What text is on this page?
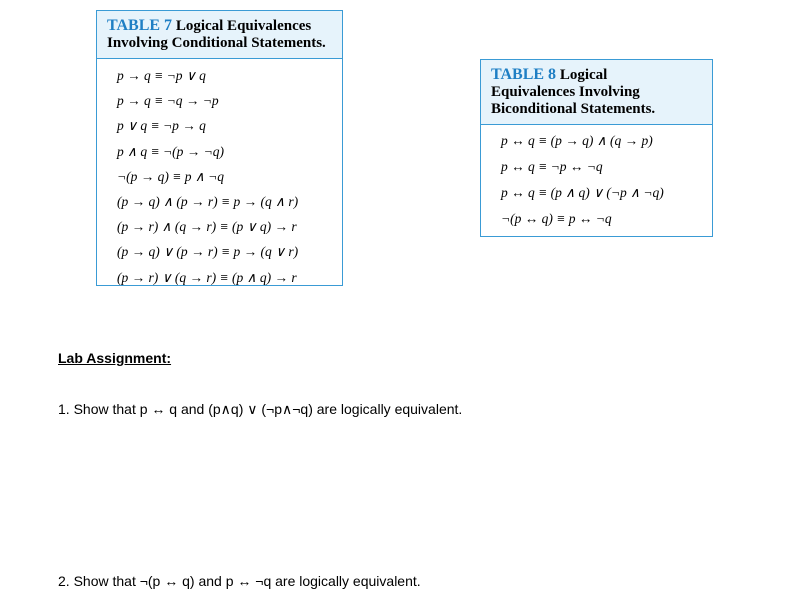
TABLE 7 Logical Equivalences
Involving Conditional Statements.
p → q ≡ ¬p ∨ q
p → q ≡ ¬q → ¬p
p ∨ q ≡ ¬p → q
p ∧ q ≡ ¬(p → ¬q)
¬(p → q) ≡ p ∧ ¬q
(p → q) ∧ (p → r) ≡ p → (q ∧ r)
(p → r) ∧ (q → r) ≡ (p ∨ q) → r
(p → q) ∨ (p → r) ≡ p → (q ∨ r)
(p → r) ∨ (q → r) ≡ (p ∧ q) → r
TABLE 8 Logical
Equivalences Involving
Biconditional Statements.
p ↔ q ≡ (p → q) ∧ (q → p)
p ↔ q ≡ ¬p ↔ ¬q
p ↔ q ≡ (p ∧ q) ∨ (¬p ∧ ¬q)
¬(p ↔ q) ≡ p ↔ ¬q
Lab Assignment:
1. Show that p ↔ q and (p∧q) ∨ (¬p∧¬q) are logically equivalent.
2. Show that ¬(p ↔ q) and p ↔ ¬q are logically equivalent.
